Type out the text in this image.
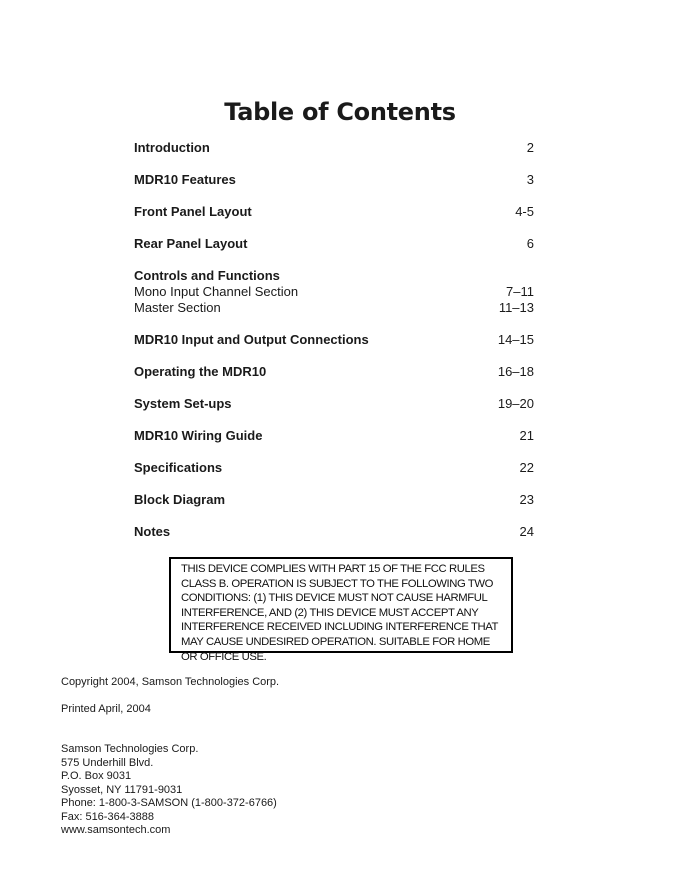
Table of Contents
Introduction	2
MDR10 Features	3
Front Panel Layout	4-5
Rear Panel Layout	6
Controls and Functions
Mono Input Channel Section	7–11
Master Section	11–13
MDR10 Input and Output Connections	14–15
Operating the MDR10	16–18
System Set-ups	19–20
MDR10 Wiring Guide	21
Specifications	22
Block Diagram	23
Notes	24

THIS DEVICE COMPLIES WITH PART 15 OF THE FCC RULES CLASS B. OPERATION IS SUBJECT TO THE FOLLOWING TWO CONDITIONS: (1) THIS DEVICE MUST NOT CAUSE HARMFUL INTERFERENCE, AND (2) THIS DEVICE MUST ACCEPT ANY INTERFERENCE RECEIVED INCLUDING INTERFERENCE THAT MAY CAUSE UNDESIRED OPERATION. SUITABLE FOR HOME OR OFFICE USE.

Copyright 2004, Samson Technologies Corp.
Printed April, 2004
Samson Technologies Corp.
575 Underhill Blvd.
P.O. Box 9031
Syosset, NY 11791-9031
Phone: 1-800-3-SAMSON (1-800-372-6766)
Fax: 516-364-3888
www.samsontech.com
